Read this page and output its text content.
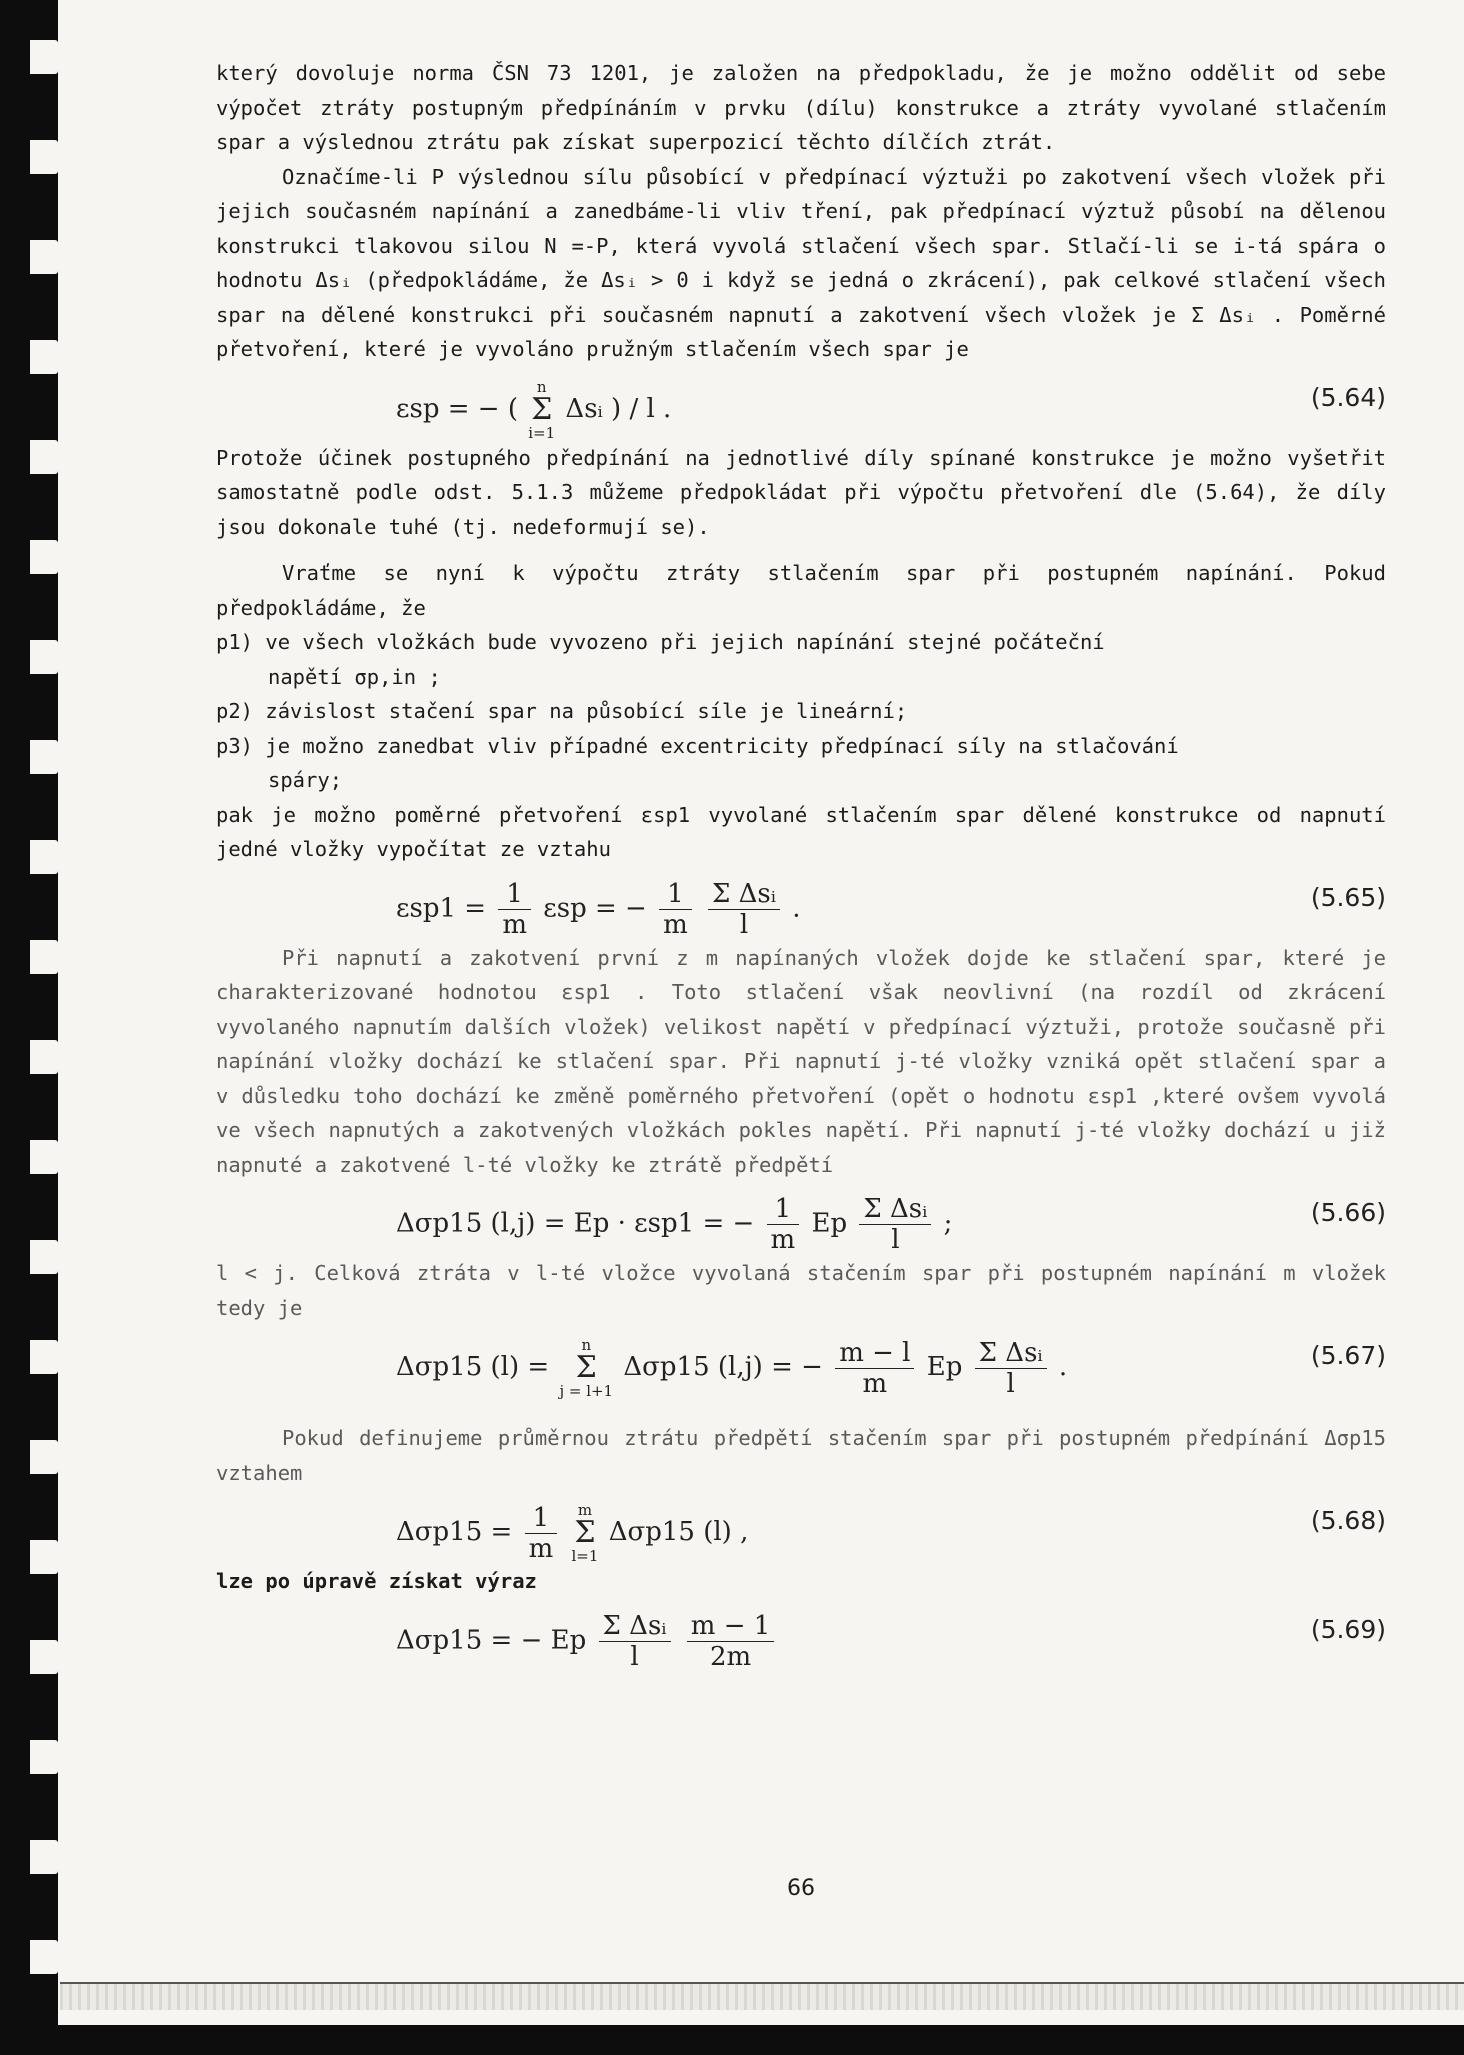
který dovoluje norma ČSN 73 1201, je založen na předpokladu, že je možno oddělit od sebe výpočet ztráty postupným předpínáním v prvku (dílu) konstrukce a ztráty vyvolané stlačením spar a výslednou ztrátu pak získat superpozicí těchto dílčích ztrát.

Označíme-li P výslednou sílu působící v předpínací výztuži po zakotvení všech vložek při jejich současném napínání a zanedbáme-li vliv tření, pak předpínací výztuž působí na dělenou konstrukci tlakovou silou N =-P, která vyvolá stlačení všech spar. Stlačí-li se i-tá spára o hodnotu Δsᵢ (předpokládáme, že Δsᵢ > 0 i když se jedná o zkrácení), pak celkové stlačení všech spar na dělené konstrukci při současném napnutí a zakotvení všech vložek je Σ Δsᵢ . Poměrné přetvoření, které je vyvoláno pružným stlačením všech spar je

εsp = − ( n
Σ
i=1 Δsᵢ ) / l .	(5.64)

Protože účinek postupného předpínání na jednotlivé díly spínané konstrukce je možno vyšetřit samostatně podle odst. 5.1.3 můžeme předpokládat při výpočtu přetvoření dle (5.64), že díly jsou dokonale tuhé (tj. nedeformují se).

Vraťme se nyní k výpočtu ztráty stlačením spar při postupném napínání. Pokud předpokládáme, že

p1) ve všech vložkách bude vyvozeno při jejich napínání stejné počáteční
napětí σp,in ;
p2) závislost stačení spar na působící síle je lineární;
p3) je možno zanedbat vliv případné excentricity předpínací síly na stlačování
spáry;

pak je možno poměrné přetvoření εsp1 vyvolané stlačením spar dělené konstrukce od napnutí jedné vložky vypočítat ze vztahu

$\varepsilon sp1 = \frac{1}{m}$ εsp = − $\frac{1}{m}$
$\frac{\text{Σ Δsᵢ}}{l}$ .	(5.65)

Při napnutí a zakotvení první z m napínaných vložek dojde ke stlačení spar, které je charakterizované hodnotou εsp1 . Toto stlačení však neovlivní (na rozdíl od zkrácení vyvolaného napnutím dalších vložek) velikost napětí v předpínací výztuži, protože současně při napínání vložky dochází ke stlačení spar. Při napnutí j-té vložky vzniká opět stlačení spar a v důsledku toho dochází ke změně poměrného přetvoření (opět o hodnotu εsp1 ,které ovšem vyvolá ve všech napnutých a zakotvených vložkách pokles napětí. Při napnutí j-té vložky dochází u již napnuté a zakotvené l-té vložky ke ztrátě předpětí

Δσp15 (l,j) = Ep · εsp1 = − $\frac{1}{m}$ Ep $\frac{\text{Σ Δsᵢ}}{l}$ ;	(5.66)

l < j. Celková ztráta v l-té vložce vyvolaná stačením spar při postupném napínání m vložek tedy je

Δσp15 (l) = n
Σ
j = l+1 Δσp15 (l,j) = − $\frac{m - l}{m}$ Ep $\frac{\text{Σ Δsᵢ}}{l}$ .	(5.67)

Pokud definujeme průměrnou ztrátu předpětí stačením spar při postupném předpínání Δσp15 vztahem

$\Delta\sigma p15 = \frac{1}{m}$ m
Σ
l=1 Δσp15 (l) ,	(5.68)

lze po úpravě získat výraz

Δσp15 = − Ep $\frac{\text{Σ Δsᵢ}}{l}$
$\frac{m - 1}{2m}$	(5.69)
66
